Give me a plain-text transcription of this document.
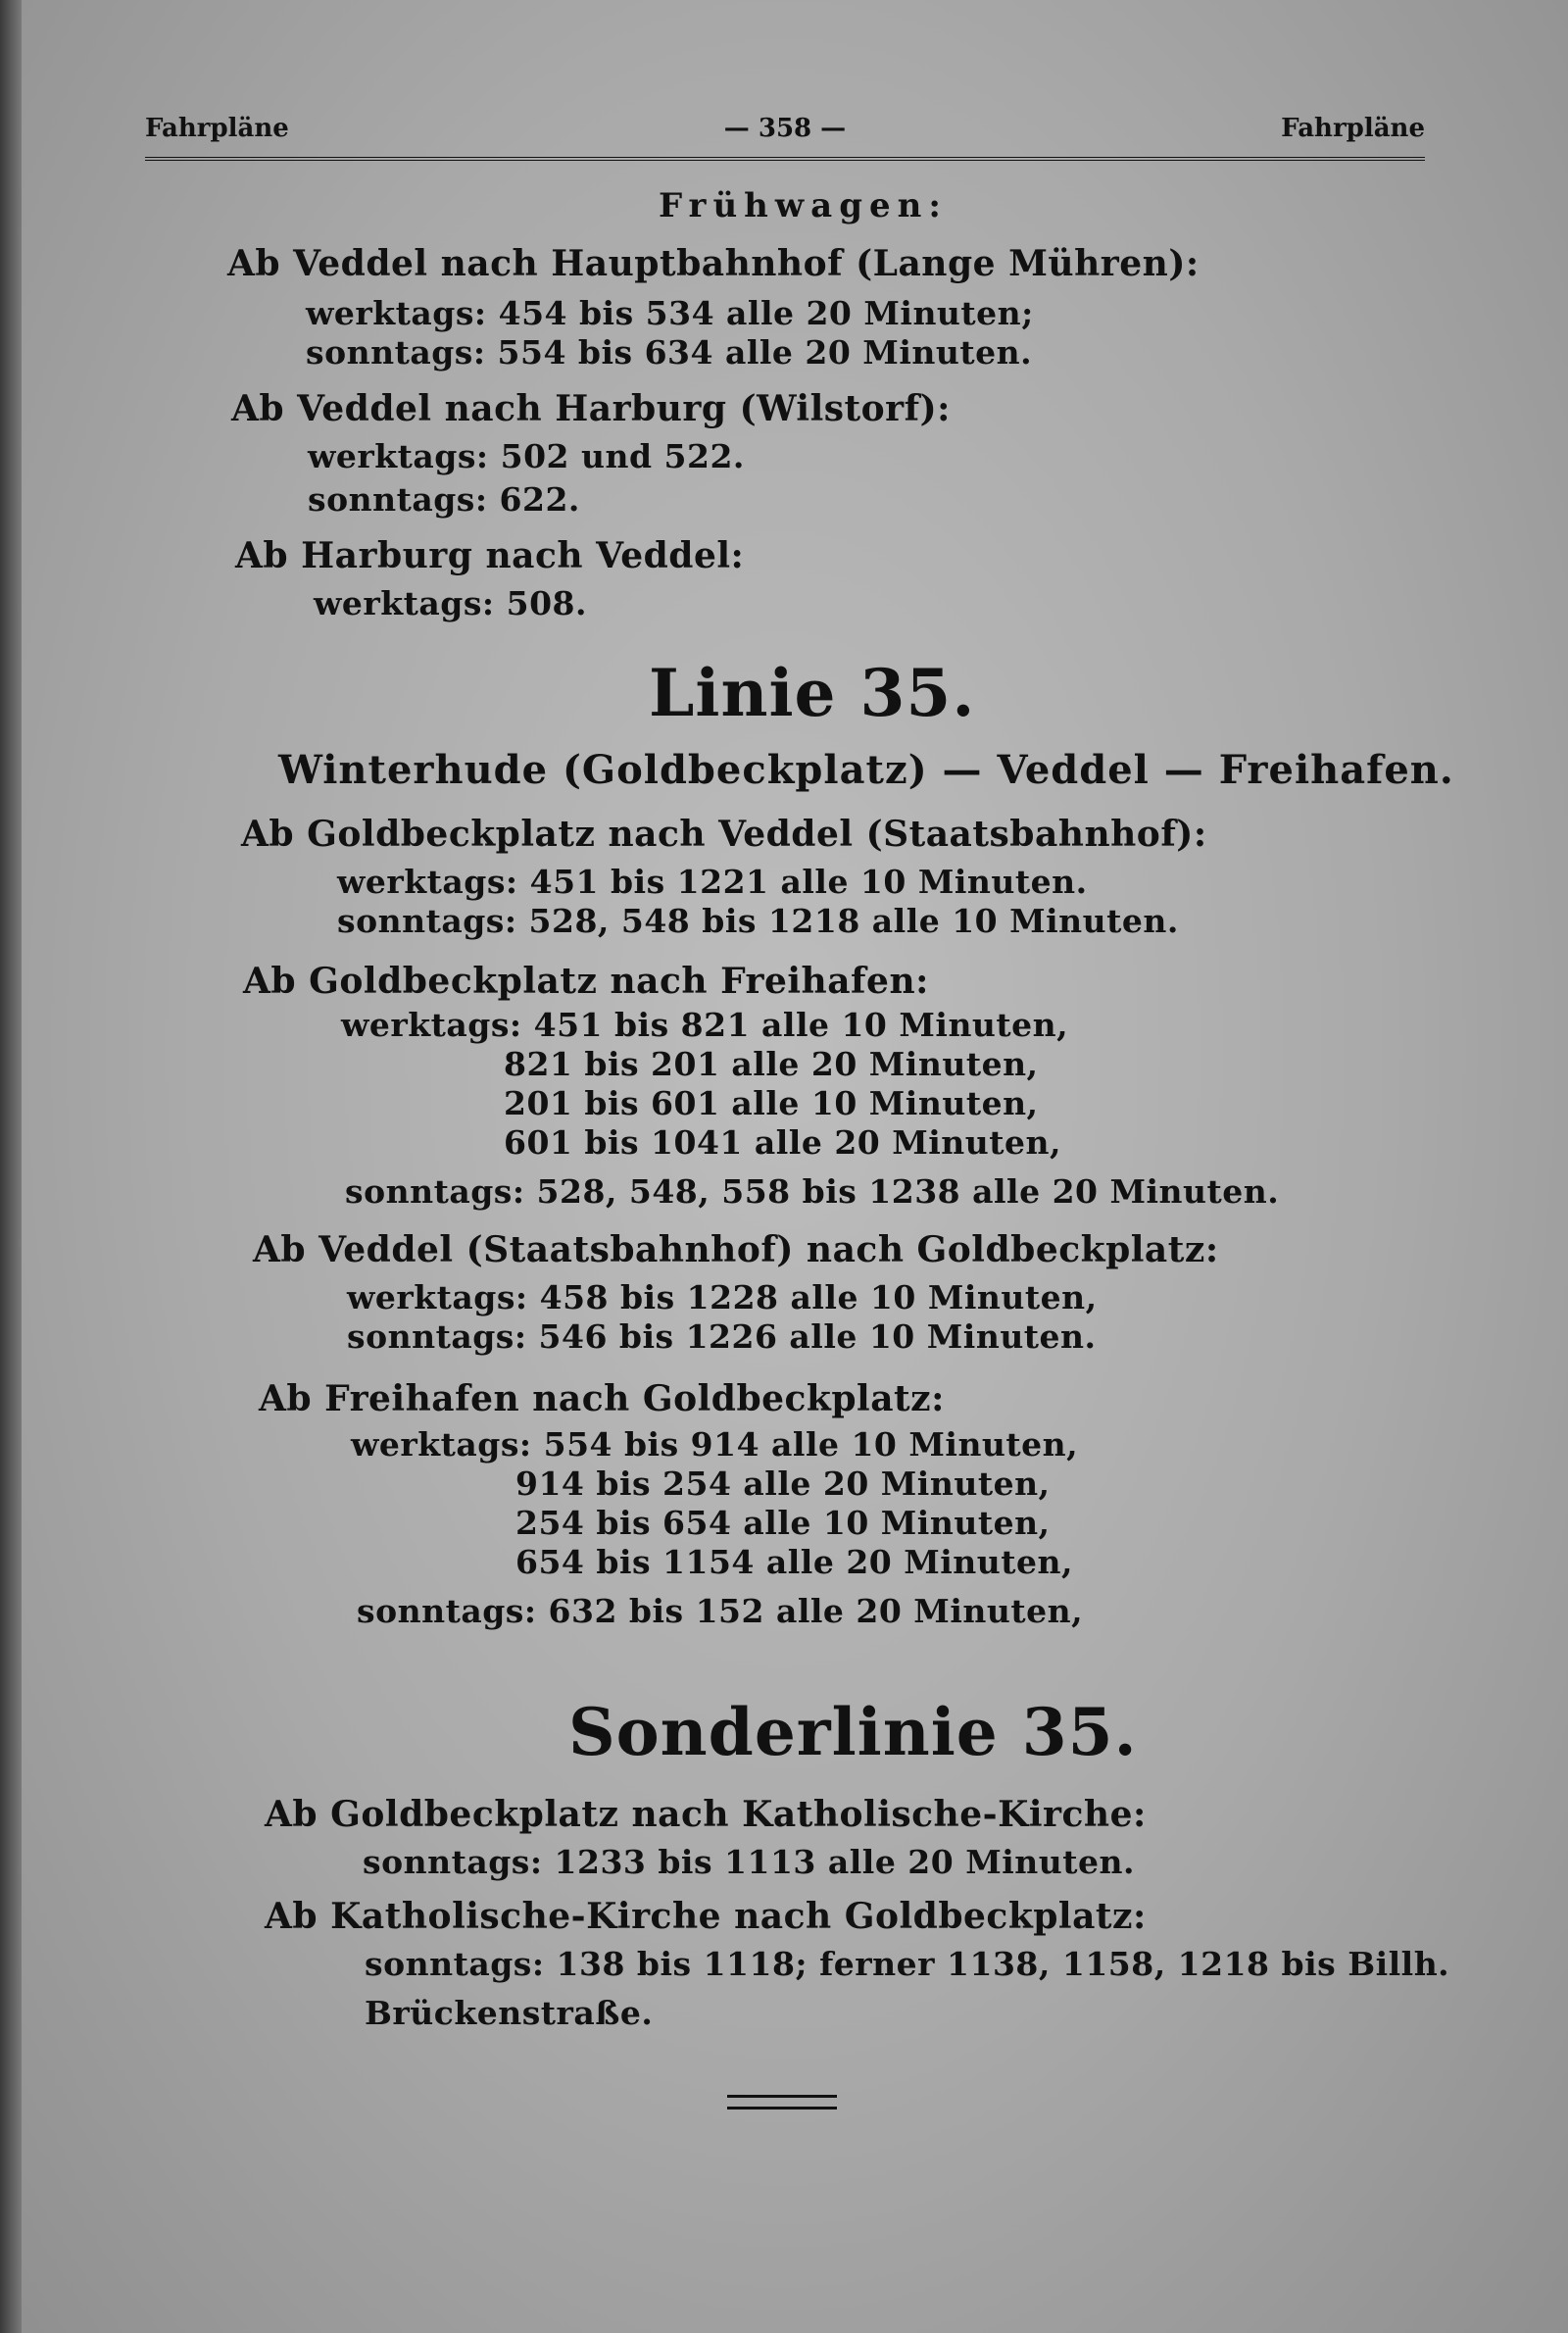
Fahrpläne	— 358 —	Fahrpläne
Frühwagen:
Ab Veddel nach Hauptbahnhof (Lange Mühren):
werktags: 454 bis 534 alle 20 Minuten;
sonntags: 554 bis 634 alle 20 Minuten.
Ab Veddel nach Harburg (Wilstorf):
werktags: 502 und 522.
sonntags: 622.
Ab Harburg nach Veddel:
werktags: 508.
Linie 35.
Winterhude (Goldbeckplatz) — Veddel — Freihafen.
Ab Goldbeckplatz nach Veddel (Staatsbahnhof):
werktags: 451 bis 1221 alle 10 Minuten.
sonntags: 528, 548 bis 1218 alle 10 Minuten.
Ab Goldbeckplatz nach Freihafen:
werktags: 451 bis 821 alle 10 Minuten,
821 bis 201 alle 20 Minuten,
201 bis 601 alle 10 Minuten,
601 bis 1041 alle 20 Minuten,
sonntags: 528, 548, 558 bis 1238 alle 20 Minuten.
Ab Veddel (Staatsbahnhof) nach Goldbeckplatz:
werktags: 458 bis 1228 alle 10 Minuten,
sonntags: 546 bis 1226 alle 10 Minuten.
Ab Freihafen nach Goldbeckplatz:
werktags: 554 bis 914 alle 10 Minuten,
914 bis 254 alle 20 Minuten,
254 bis 654 alle 10 Minuten,
654 bis 1154 alle 20 Minuten,
sonntags: 632 bis 152 alle 20 Minuten,
Sonderlinie 35.
Ab Goldbeckplatz nach Katholische-Kirche:
sonntags: 1233 bis 1113 alle 20 Minuten.
Ab Katholische-Kirche nach Goldbeckplatz:
sonntags: 138 bis 1118; ferner 1138, 1158, 1218 bis Billh.
Brückenstraße.
